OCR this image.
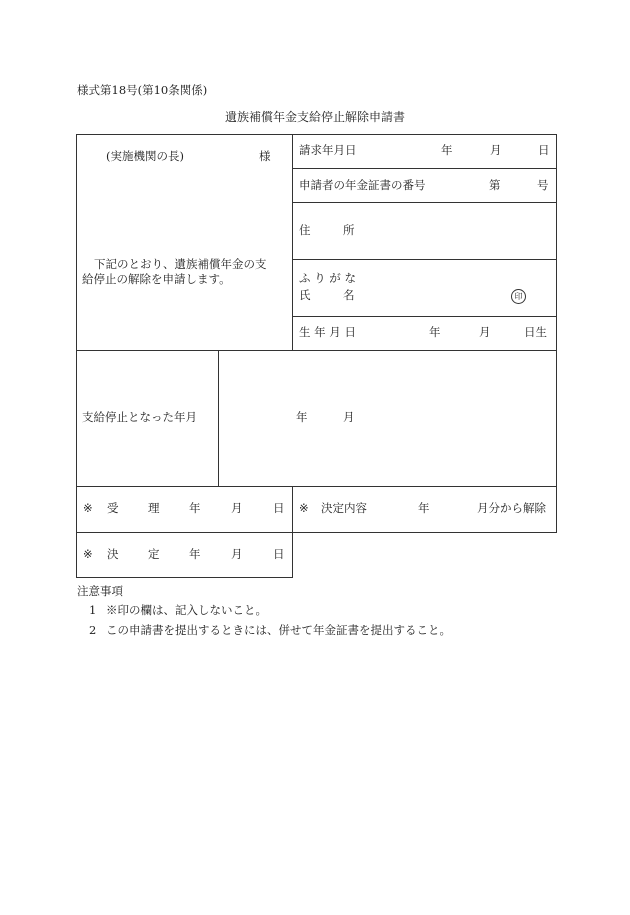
様式第18号(第10条関係)
遺族補償年金支給停止解除申請書
(実施機関の長)	様
下記のとおり、遺族補償年金の支
給停止の解除を申請します。
請求年月日	年	月	日
申請者の年金証書の番号	第	号
住	所
ふ り が な
氏	名	印
生 年 月 日	年	月	日生
支給停止となった年月	年	月
※ 受	理	年	月	日 ※ 決定内容	年	月分から解除
※ 決	定	年	月	日
注意事項
1 ※印の欄は、記入しないこと。
2 この申請書を提出するときには、併せて年金証書を提出すること。
